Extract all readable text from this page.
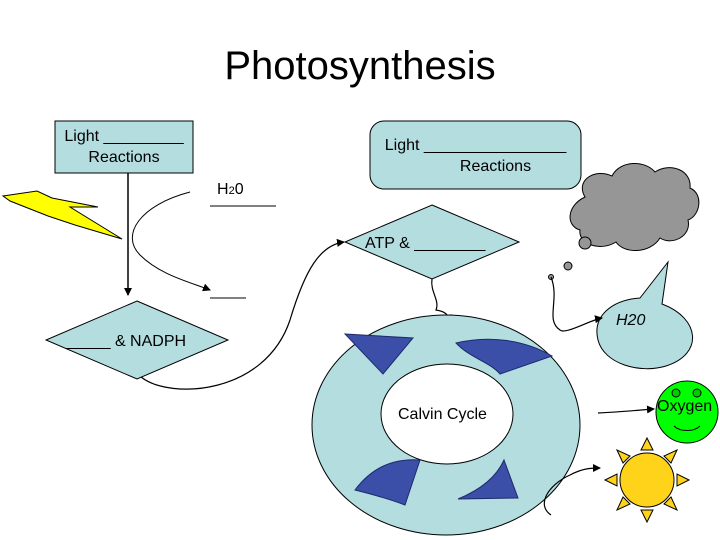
Photosynthesis
Light _________
Reactions
Light ________________
Reactions
H20
ATP & ________
_____ & NADPH
Calvin Cycle
H20
Oxygen
